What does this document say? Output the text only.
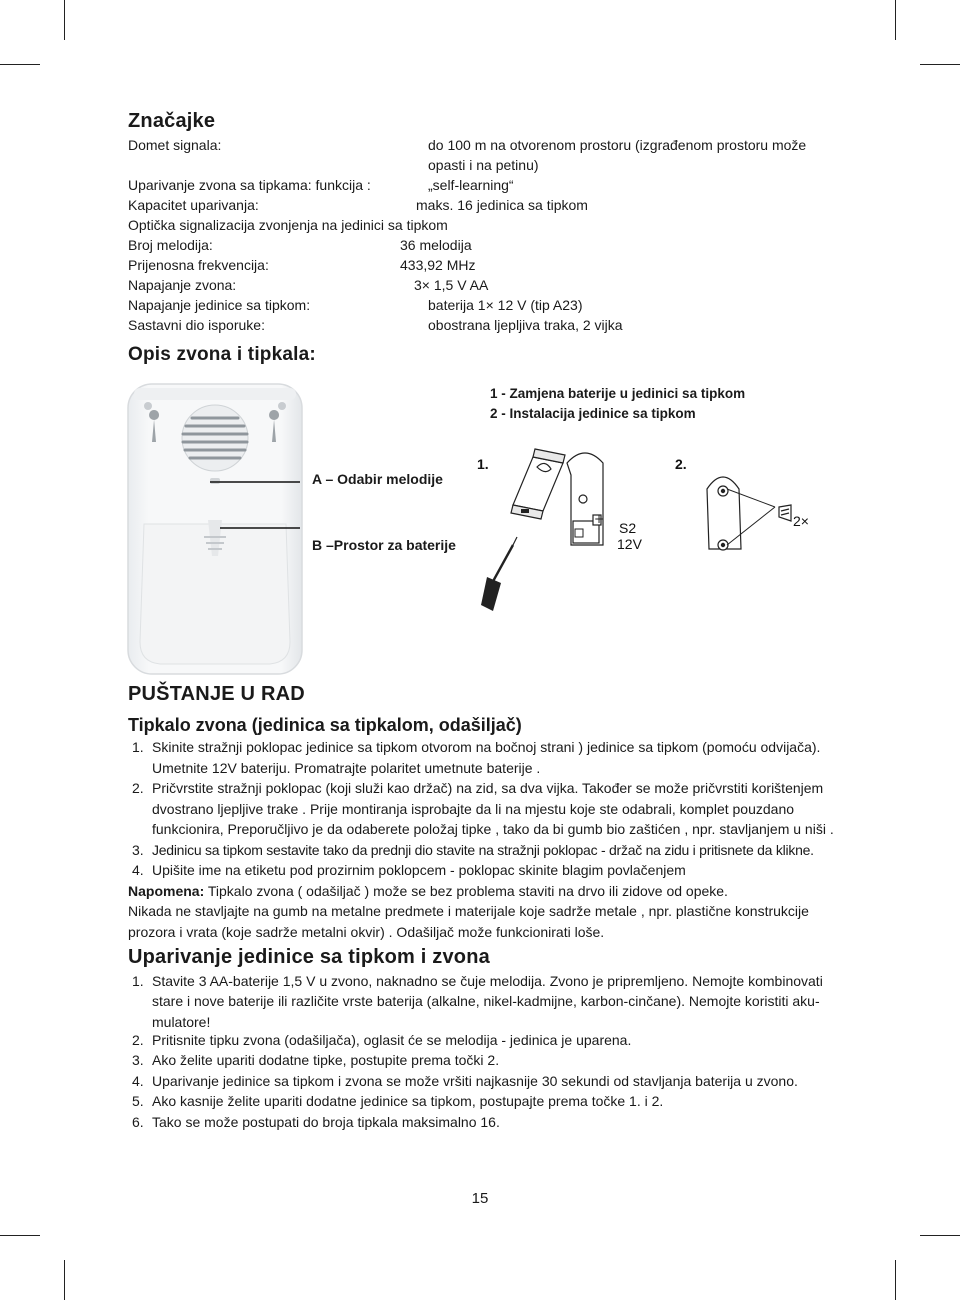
Značajke
Domet signala:	do 100 m na otvorenom prostoru (izgrađenom prostoru može
opasti i na petinu)
Uparivanje zvona sa tipkama: funkcija :	„self-learning“
Kapacitet uparivanja:	maks. 16 jedinica sa tipkom
Optička signalizacija zvonjenja na jedinici sa tipkom
Broj melodija:	36 melodija
Prijenosna frekvencija:	433,92 MHz
Napajanje zvona:	3× 1,5 V AA
Napajanje jedinice sa tipkom:	baterija 1× 12 V (tip A23)
Sastavni dio isporuke:	obostrana ljepljiva traka, 2 vijka
Opis zvona i tipkala:
A – Odabir melodije
B –Prostor za baterije
1 - Zamjena baterije u jedinici sa tipkom
2 - Instalacija jedinice sa tipkom
+
1.	2.
S2
12V
2×
PUŠTANJE U RAD
Tipkalo zvona (jedinica sa tipkalom, odašiljač)
1. Skinite stražnji poklopac jedinice sa tipkom otvorom na bočnoj strani ) jedinice sa tipkom (pomoću odvijača).
Umetnite 12V bateriju. Promatrajte polaritet umetnute baterije .
2. Pričvrstite stražnji poklopac (koji služi kao držač) na zid, sa dva vijka. Također se može pričvrstiti korištenjem
dvostrano ljepljive trake . Prije montiranja isprobajte da li na mjestu koje ste odabrali, komplet pouzdano
funkcionira, Preporučljivo je da odaberete položaj tipke , tako da bi gumb bio zaštićen , npr. stavljanjem u niši .
3. Jedinicu sa tipkom sestavite tako da prednji dio stavite na stražnji poklopac - držač na zidu i pritisnete da klikne.
4. Upišite ime na etiketu pod prozirnim poklopcem - poklopac skinite blagim povlačenjem
Napomena: Tipkalo zvona ( odašiljač ) može se bez problema staviti na drvo ili zidove od opeke.
Nikada ne stavljajte na gumb na metalne predmete i materijale koje sadrže metale , npr. plastične konstrukcije
prozora i vrata (koje sadrže metalni okvir) . Odašiljač može funkcionirati loše.
Uparivanje jedinice sa tipkom i zvona
1. Stavite 3 AA-baterije 1,5 V u zvono, naknadno se čuje melodija. Zvono je pripremljeno. Nemojte kombinovati
stare i nove baterije ili različite vrste baterija (alkalne, nikel-kadmijne, karbon-cinčane). Nemojte koristiti aku-
mulatore!
2. Pritisnite tipku zvona (odašiljača), oglasit će se melodija - jedinica je uparena.
3. Ako želite upariti dodatne tipke, postupite prema točki 2.
4. Uparivanje jedinice sa tipkom i zvona se može vršiti najkasnije 30 sekundi od stavljanja baterija u zvono.
5. Ako kasnije želite upariti dodatne jedinice sa tipkom, postupajte prema točke 1. i 2.
6. Tako se može postupati do broja tipkala maksimalno 16.
15
